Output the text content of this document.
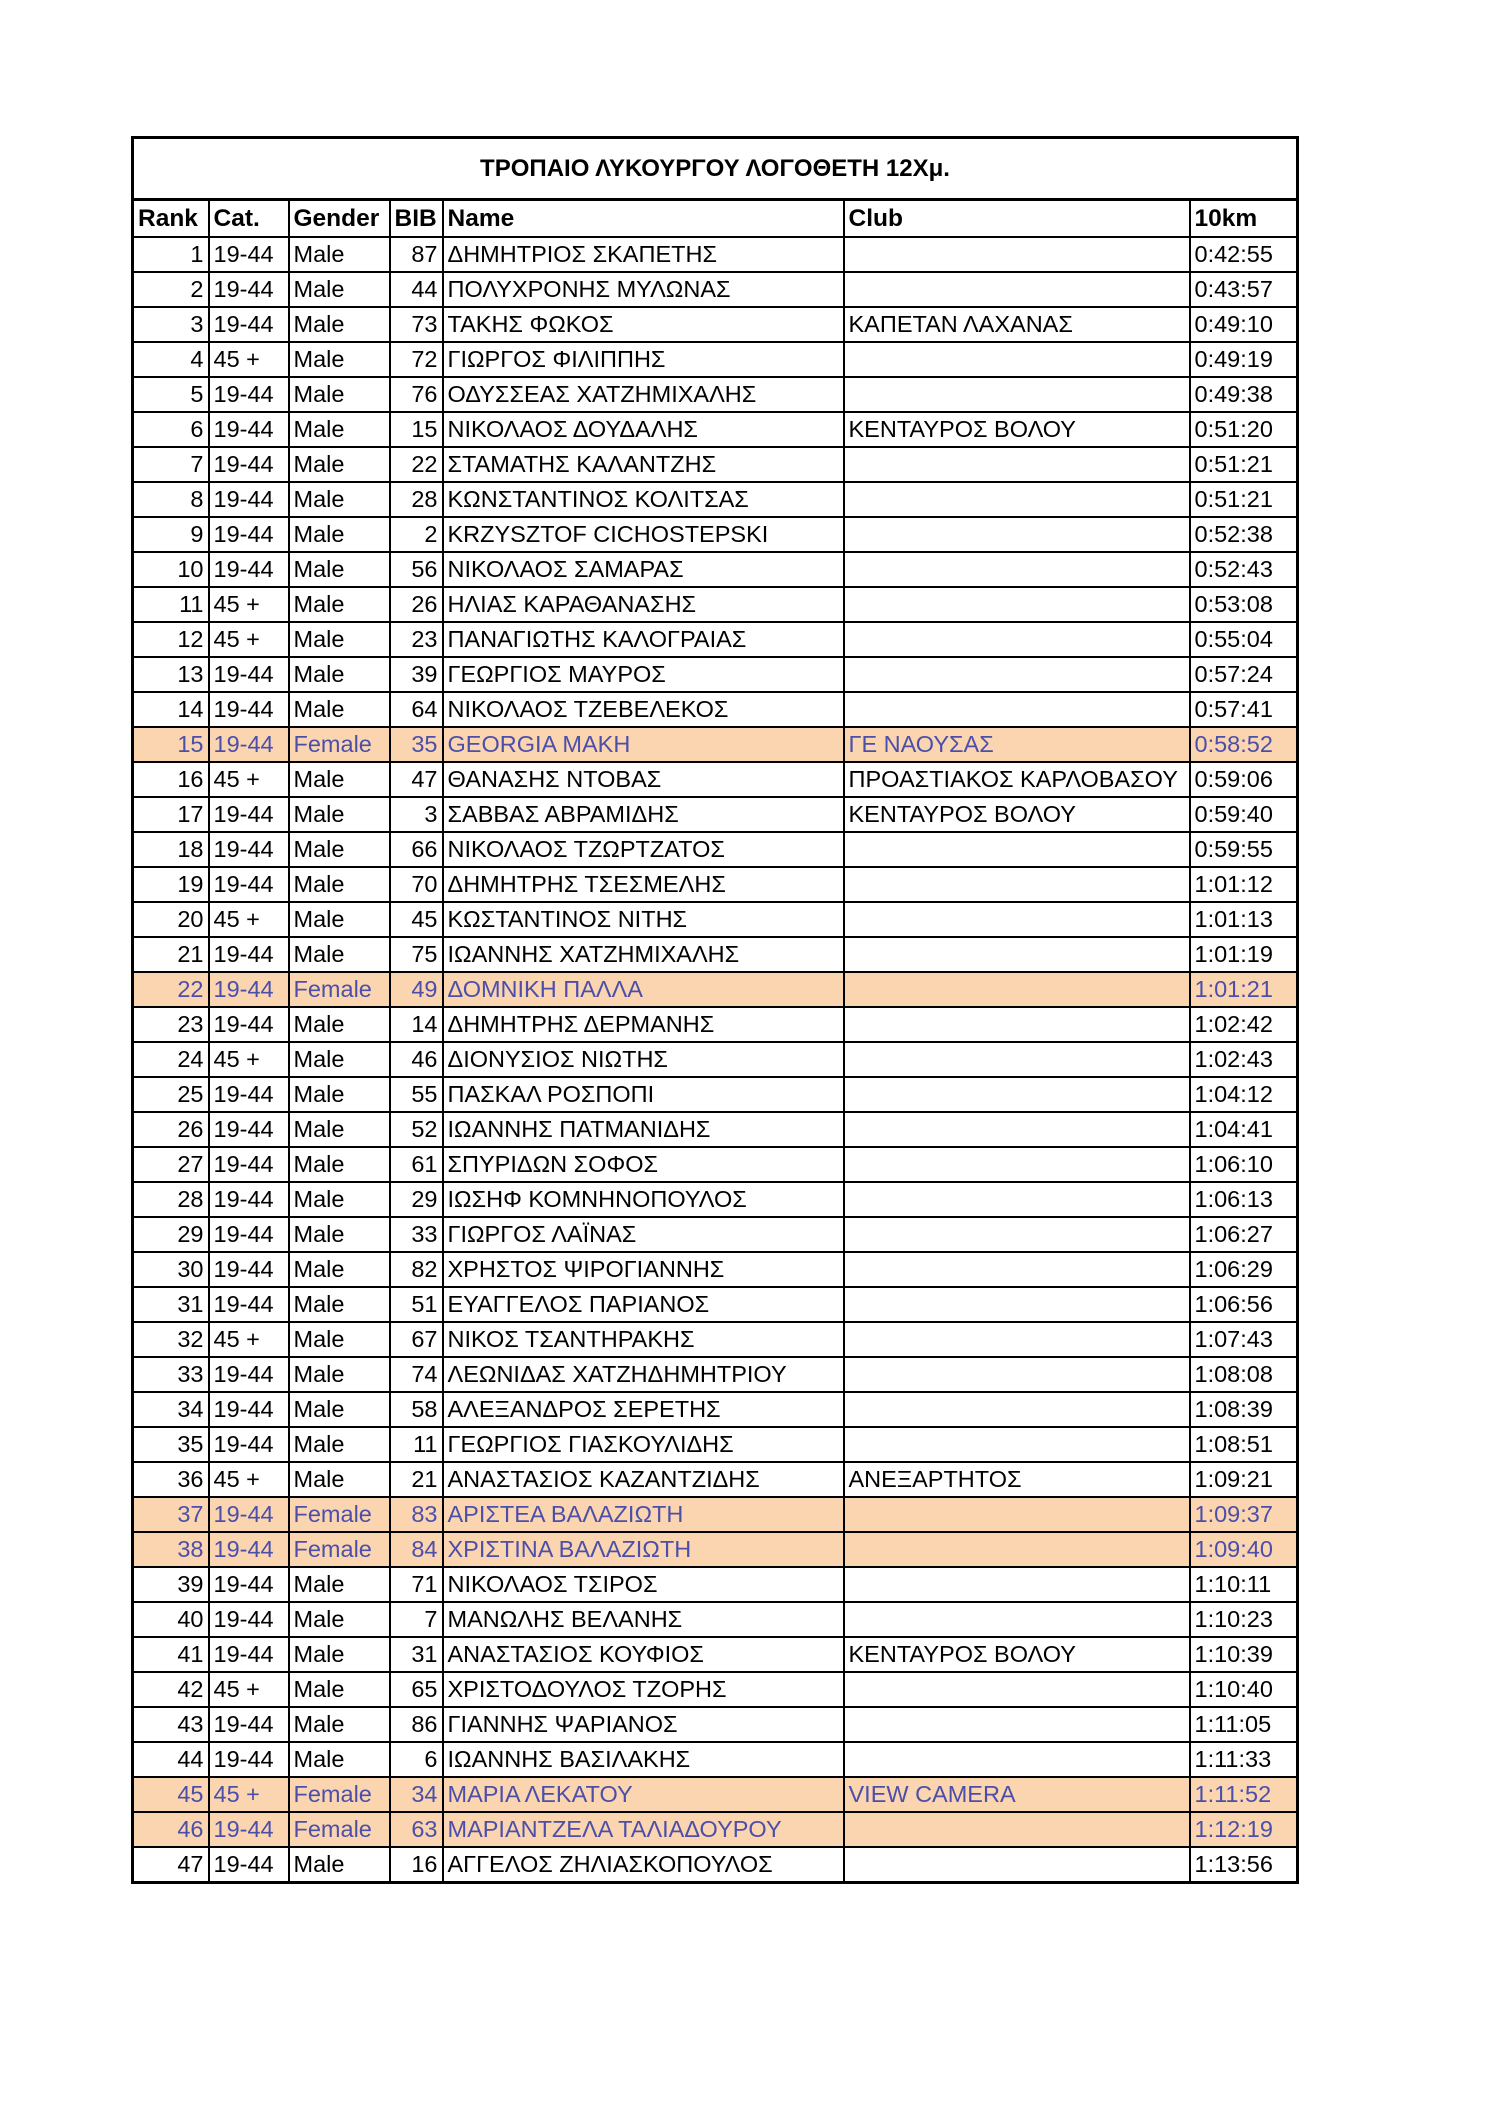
ΤΡΟΠΑΙΟ ΛΥΚΟΥΡΓΟΥ ΛΟΓΟΘΕΤΗ 12Χμ.						
Rank	Cat.	Gender	BIB	Name	Club	10km
1	19-44	Male	87	ΔΗΜΗΤΡΙΟΣ ΣΚΑΠΕΤΗΣ		0:42:55
2	19-44	Male	44	ΠΟΛΥΧΡΟΝΗΣ ΜΥΛΩΝΑΣ		0:43:57
3	19-44	Male	73	ΤΑΚΗΣ ΦΩΚΟΣ	ΚΑΠΕΤΑΝ ΛΑΧΑΝΑΣ	0:49:10
4	45 +	Male	72	ΓΙΩΡΓΟΣ ΦΙΛΙΠΠΗΣ		0:49:19
5	19-44	Male	76	ΟΔΥΣΣΕΑΣ ΧΑΤΖΗΜΙΧΑΛΗΣ		0:49:38
6	19-44	Male	15	ΝΙΚΟΛΑΟΣ ΔΟΥΔΑΛΗΣ	ΚΕΝΤΑΥΡΟΣ ΒΟΛΟΥ	0:51:20
7	19-44	Male	22	ΣΤΑΜΑΤΗΣ ΚΑΛΑΝΤΖΗΣ		0:51:21
8	19-44	Male	28	ΚΩΝΣΤΑΝΤΙΝΟΣ ΚΟΛΙΤΣΑΣ		0:51:21
9	19-44	Male	2	KRZYSZTOF CICHOSTEPSKI		0:52:38
10	19-44	Male	56	ΝΙΚΟΛΑΟΣ ΣΑΜΑΡΑΣ		0:52:43
11	45 +	Male	26	ΗΛΙΑΣ ΚΑΡΑΘΑΝΑΣΗΣ		0:53:08
12	45 +	Male	23	ΠΑΝΑΓΙΩΤΗΣ ΚΑΛΟΓΡΑΙΑΣ		0:55:04
13	19-44	Male	39	ΓΕΩΡΓΙΟΣ ΜΑΥΡΟΣ		0:57:24
14	19-44	Male	64	ΝΙΚΟΛΑΟΣ ΤΖΕΒΕΛΕΚΟΣ		0:57:41
15	19-44	Female	35	GEORGIA ΜΑΚΗ	ΓΕ ΝΑΟΥΣΑΣ	0:58:52
16	45 +	Male	47	ΘΑΝΑΣΗΣ ΝΤΟΒΑΣ	ΠΡΟΑΣΤΙΑΚΟΣ ΚΑΡΛΟΒΑΣΟΥ	0:59:06
17	19-44	Male	3	ΣΑΒΒΑΣ ΑΒΡΑΜΙΔΗΣ	ΚΕΝΤΑΥΡΟΣ ΒΟΛΟΥ	0:59:40
18	19-44	Male	66	ΝΙΚΟΛΑΟΣ ΤΖΩΡΤΖΑΤΟΣ		0:59:55
19	19-44	Male	70	ΔΗΜΗΤΡΗΣ ΤΣΕΣΜΕΛΗΣ		1:01:12
20	45 +	Male	45	ΚΩΣΤΑΝΤΙΝΟΣ ΝΙΤΗΣ		1:01:13
21	19-44	Male	75	ΙΩΑΝΝΗΣ ΧΑΤΖΗΜΙΧΑΛΗΣ		1:01:19
22	19-44	Female	49	ΔΟΜΝΙΚΗ ΠΑΛΛΑ		1:01:21
23	19-44	Male	14	ΔΗΜΗΤΡΗΣ ΔΕΡΜΑΝΗΣ		1:02:42
24	45 +	Male	46	ΔΙΟΝΥΣΙΟΣ ΝΙΩΤΗΣ		1:02:43
25	19-44	Male	55	ΠΑΣΚΑΛ ΡΟΣΠΟΠΙ		1:04:12
26	19-44	Male	52	ΙΩΑΝΝΗΣ ΠΑΤΜΑΝΙΔΗΣ		1:04:41
27	19-44	Male	61	ΣΠΥΡΙΔΩΝ ΣΟΦΟΣ		1:06:10
28	19-44	Male	29	ΙΩΣΗΦ ΚΟΜΝΗΝΟΠΟΥΛΟΣ		1:06:13
29	19-44	Male	33	ΓΙΩΡΓΟΣ ΛΑΪΝΑΣ		1:06:27
30	19-44	Male	82	ΧΡΗΣΤΟΣ ΨΙΡΟΓΙΑΝΝΗΣ		1:06:29
31	19-44	Male	51	ΕΥΑΓΓΕΛΟΣ ΠΑΡΙΑΝΟΣ		1:06:56
32	45 +	Male	67	ΝΙΚΟΣ ΤΣΑΝΤΗΡΑΚΗΣ		1:07:43
33	19-44	Male	74	ΛΕΩΝΙΔΑΣ ΧΑΤΖΗΔΗΜΗΤΡΙΟΥ		1:08:08
34	19-44	Male	58	ΑΛΕΞΑΝΔΡΟΣ ΣΕΡΕΤΗΣ		1:08:39
35	19-44	Male	11	ΓΕΩΡΓΙΟΣ ΓΙΑΣΚΟΥΛΙΔΗΣ		1:08:51
36	45 +	Male	21	ΑΝΑΣΤΑΣΙΟΣ ΚΑΖΑΝΤΖΙΔΗΣ	ΑΝΕΞΑΡΤΗΤΟΣ	1:09:21
37	19-44	Female	83	ΑΡΙΣΤΕΑ ΒΑΛΑΖΙΩΤΗ		1:09:37
38	19-44	Female	84	ΧΡΙΣΤΙΝΑ ΒΑΛΑΖΙΩΤΗ		1:09:40
39	19-44	Male	71	ΝΙΚΟΛΑΟΣ ΤΣΙΡΟΣ		1:10:11
40	19-44	Male	7	ΜΑΝΩΛΗΣ ΒΕΛΑΝΗΣ		1:10:23
41	19-44	Male	31	ΑΝΑΣΤΑΣΙΟΣ ΚΟΥΦΙΟΣ	ΚΕΝΤΑΥΡΟΣ ΒΟΛΟΥ	1:10:39
42	45 +	Male	65	ΧΡΙΣΤΟΔΟΥΛΟΣ ΤΖΟΡΗΣ		1:10:40
43	19-44	Male	86	ΓΙΑΝΝΗΣ ΨΑΡΙΑΝΟΣ		1:11:05
44	19-44	Male	6	ΙΩΑΝΝΗΣ ΒΑΣΙΛΑΚΗΣ		1:11:33
45	45 +	Female	34	ΜΑΡΙΑ ΛΕΚΑΤΟΥ	VIEW CAMERA	1:11:52
46	19-44	Female	63	ΜΑΡΙΑΝΤΖΕΛΑ ΤΑΛΙΑΔΟΥΡΟΥ		1:12:19
47	19-44	Male	16	ΑΓΓΕΛΟΣ ΖΗΛΙΑΣΚΟΠΟΥΛΟΣ		1:13:56
